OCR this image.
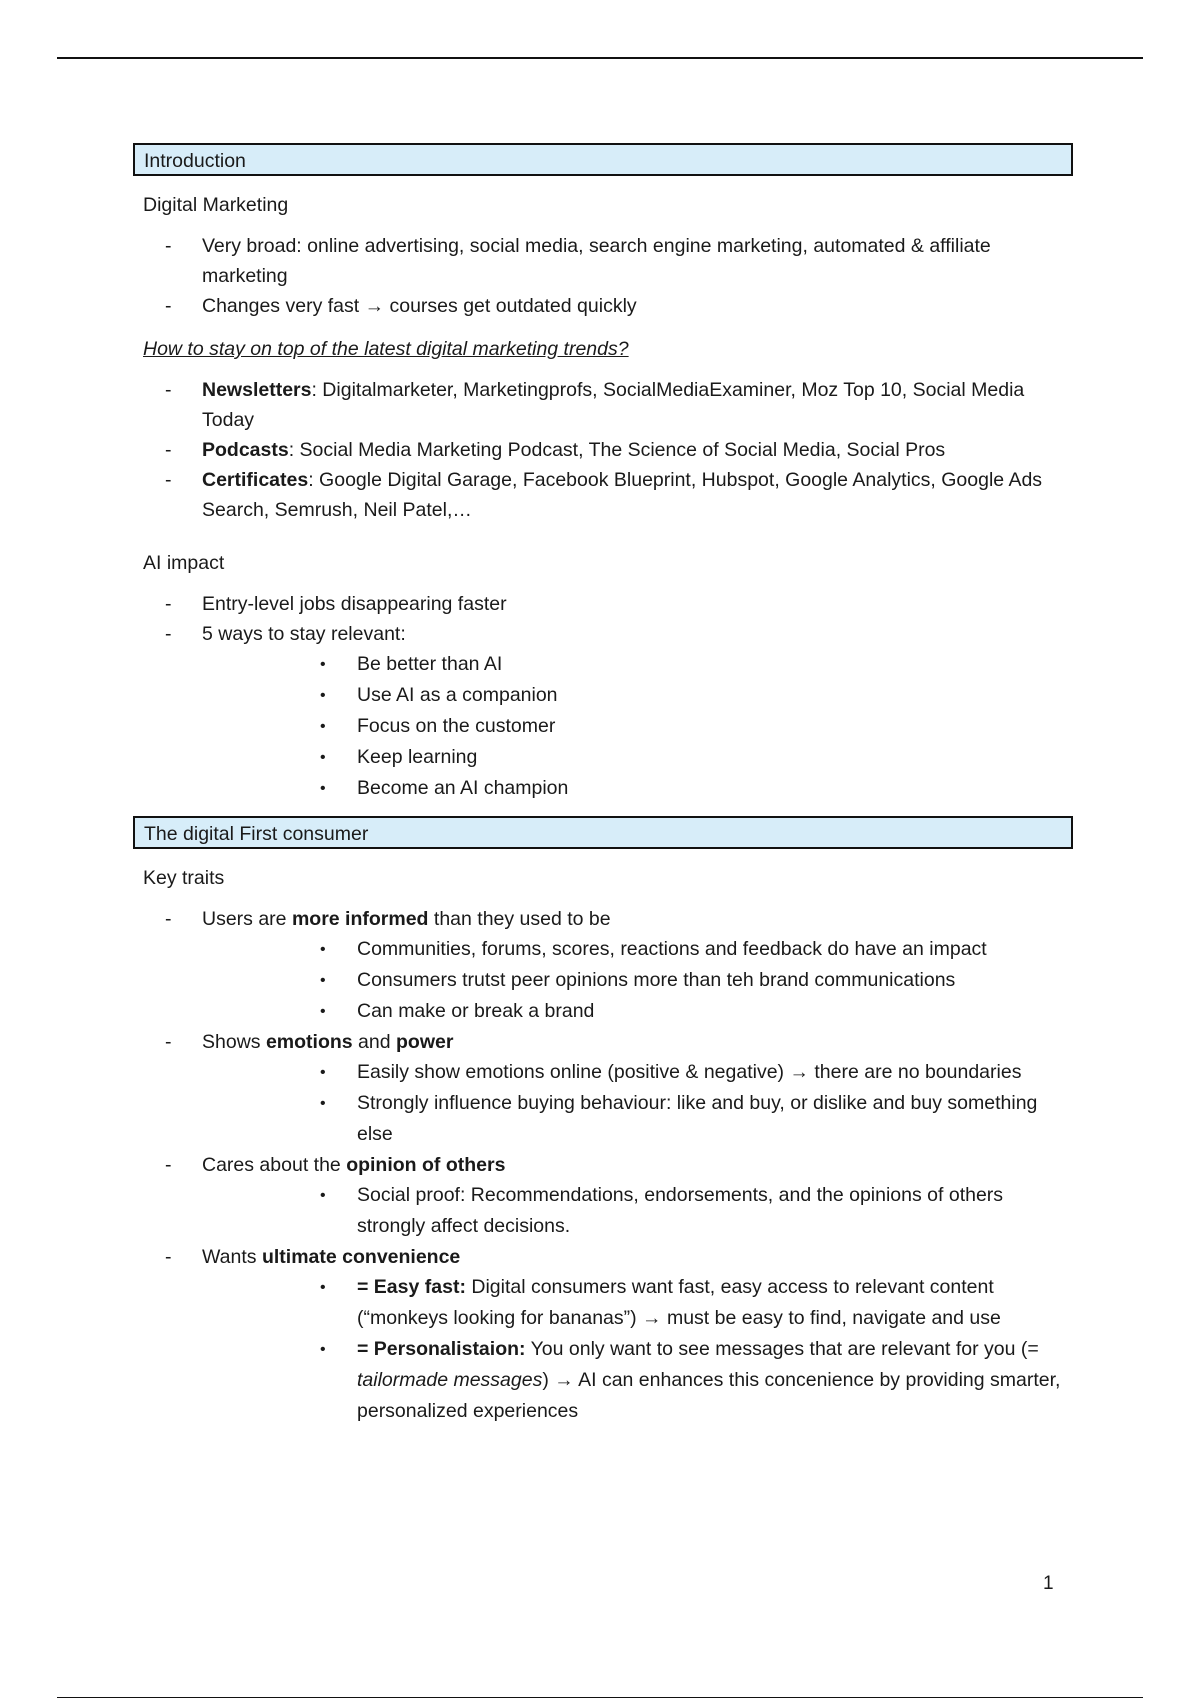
Introduction
Digital Marketing
- Very broad: online advertising, social media, search engine marketing, automated & affiliate marketing
- Changes very fast → courses get outdated quickly
How to stay on top of the latest digital marketing trends?
- Newsletters: Digitalmarketer, Marketingprofs, SocialMediaExaminer, Moz Top 10, Social Media Today
- Podcasts: Social Media Marketing Podcast, The Science of Social Media, Social Pros
- Certificates: Google Digital Garage, Facebook Blueprint, Hubspot, Google Analytics, Google Ads Search, Semrush, Neil Patel,…
AI impact
- Entry-level jobs disappearing faster
- 5 ways to stay relevant:
• Be better than AI
• Use AI as a companion
• Focus on the customer
• Keep learning
• Become an AI champion
The digital First consumer
Key traits
- Users are more informed than they used to be
• Communities, forums, scores, reactions and feedback do have an impact
• Consumers trutst peer opinions more than teh brand communications
• Can make or break a brand
- Shows emotions and power
• Easily show emotions online (positive & negative) → there are no boundaries
• Strongly influence buying behaviour: like and buy, or dislike and buy something else
- Cares about the opinion of others
• Social proof: Recommendations, endorsements, and the opinions of others strongly affect decisions.
- Wants ultimate convenience
• = Easy fast: Digital consumers want fast, easy access to relevant content (“monkeys looking for bananas”) → must be easy to find, navigate and use
• = Personalistaion: You only want to see messages that are relevant for you (= tailormade messages) → AI can enhances this concenience by providing smarter, personalized experiences
1
